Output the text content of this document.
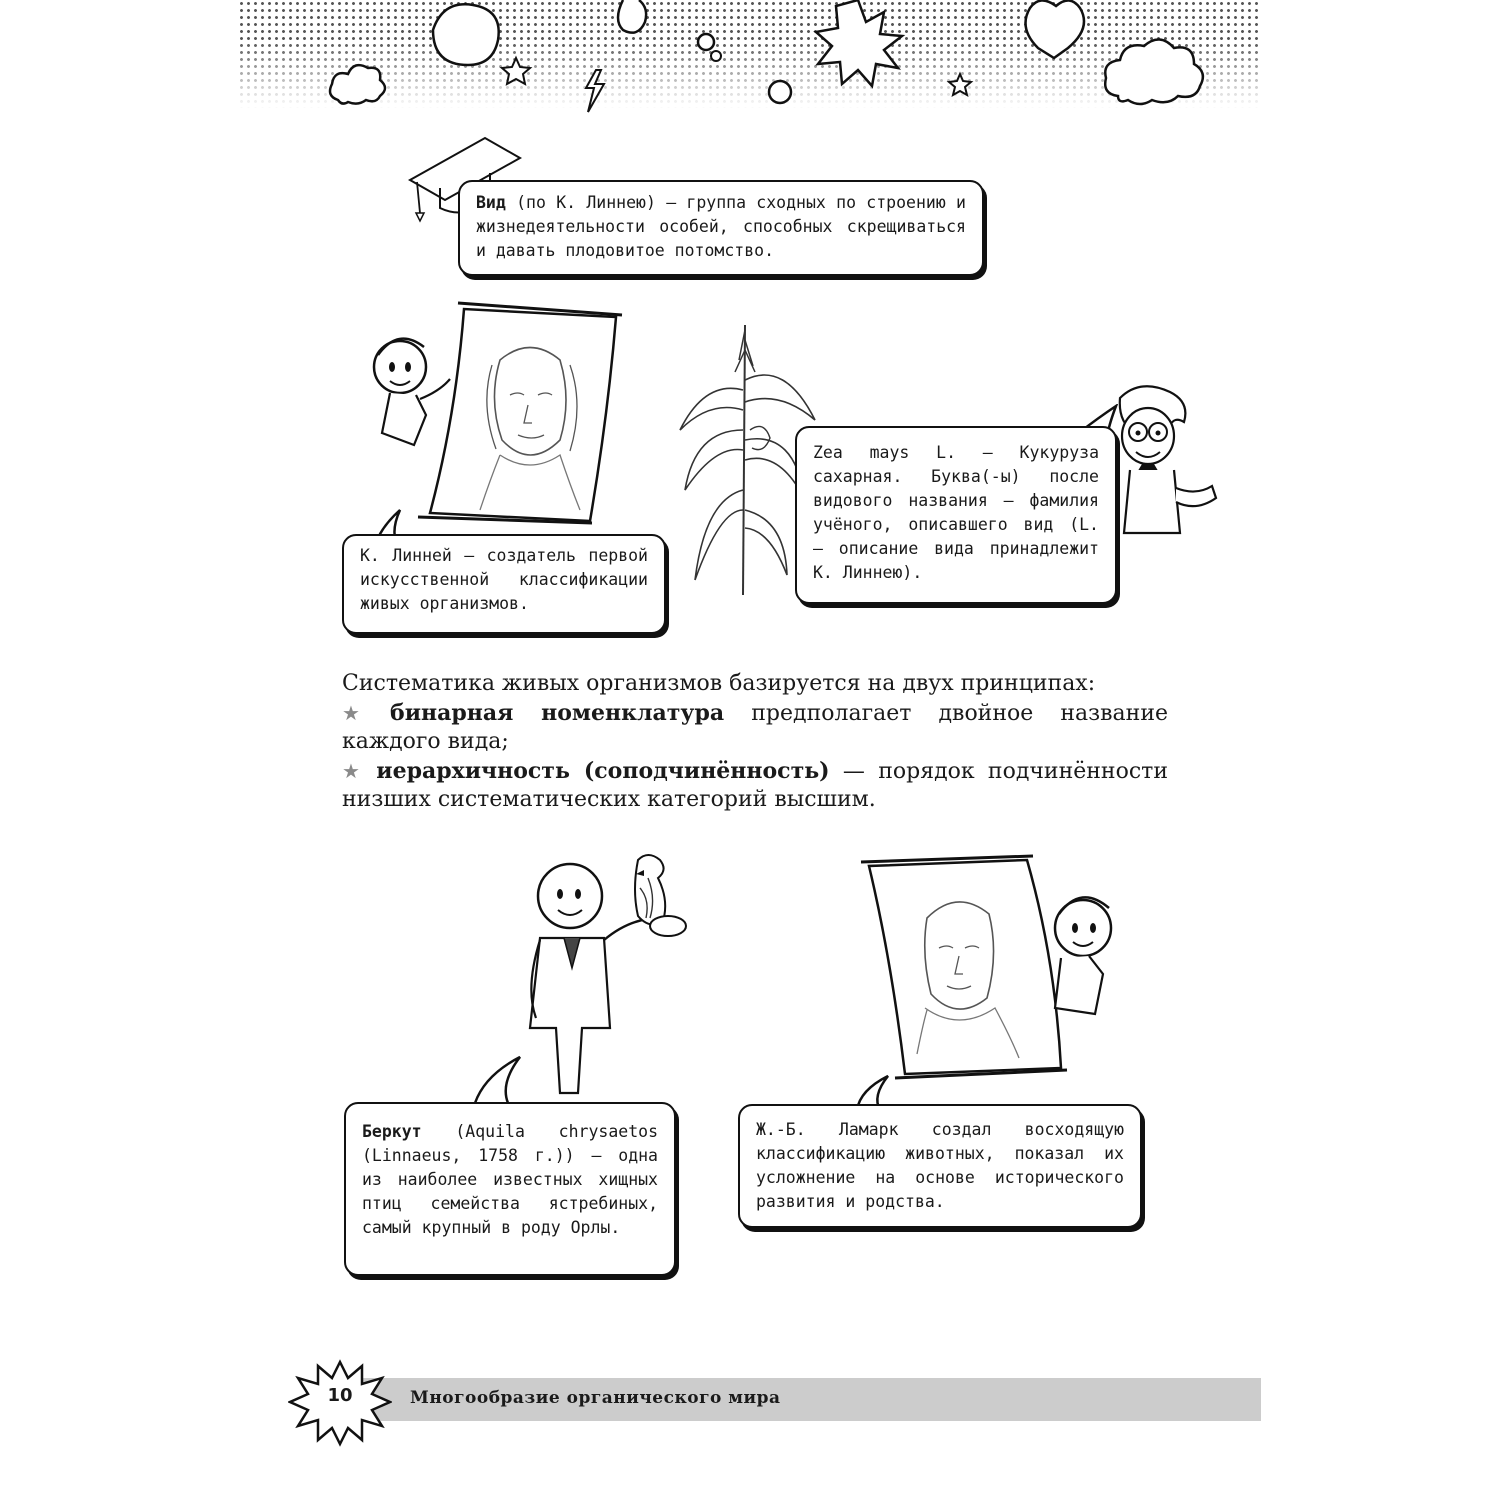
Вид (по К. Линнею) — группа сходных по строению и жизнедеятельности особей, способных скрещиваться и давать плодовитое потомство.
К. Линней — создатель первой искусственной классификации живых организмов.
Zea mays L. — Кукуруза сахарная. Буква(-ы) после видового названия — фамилия учёного, описавшего вид (L. — описание вида принадлежит К. Линнею).

Систематика живых организмов базируется на двух принципах:

★ бинарная номенклатура предполагает двойное название каждого вида;

★ иерархичность (соподчинённость) — порядок подчинённости низших систематических категорий высшим.

Беркут (Aquila chrysaetos (Linnaeus, 1758 г.)) — одна из наиболее известных хищных птиц семейства ястребиных, самый крупный в роду Орлы.
Ж.-Б. Ламарк создал восходящую классификацию животных, показал их усложнение на основе исторического развития и родства.
10	Многообразие органического мира
